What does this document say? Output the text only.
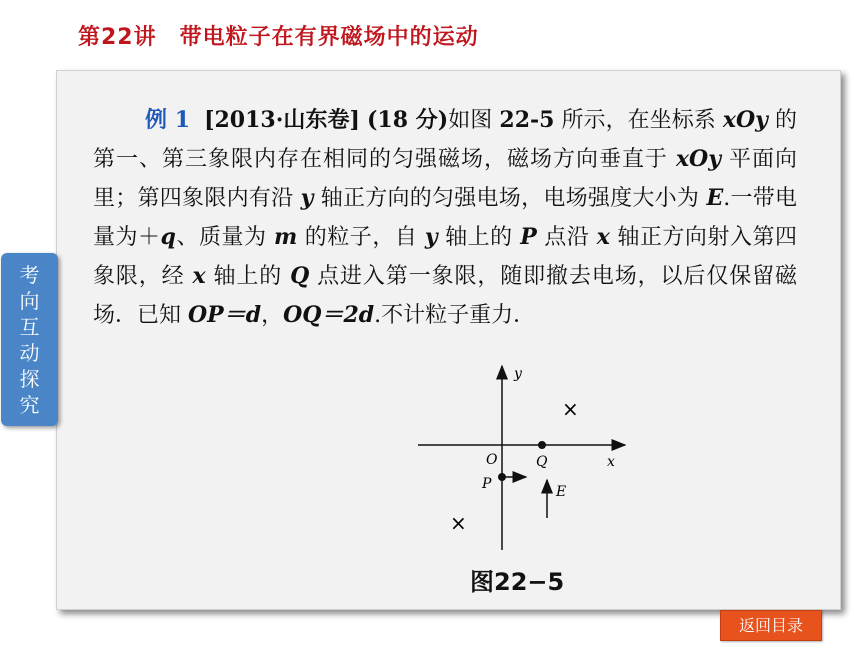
第22讲　带电粒子在有界磁场中的运动
例 1 [2013·山东卷] (18 分)如图 22-5 所示，在坐标系 xOy 的第一、第三象限内存在相同的匀强磁场，磁场方向垂直于 xOy 平面向里；第四象限内有沿 y 轴正方向的匀强电场，电场强度大小为 E.一带电量为＋q、质量为 m 的粒子，自 y 轴上的 P 点沿 x 轴正方向射入第四象限，经 x 轴上的 Q 点进入第一象限，随即撤去电场，以后仅保留磁场．已知 OP＝d，OQ＝2d.不计粒子重力．
考
向
互
动
探
究
y
x
O	Q
P	E
×
×
图22−5
返回目录
